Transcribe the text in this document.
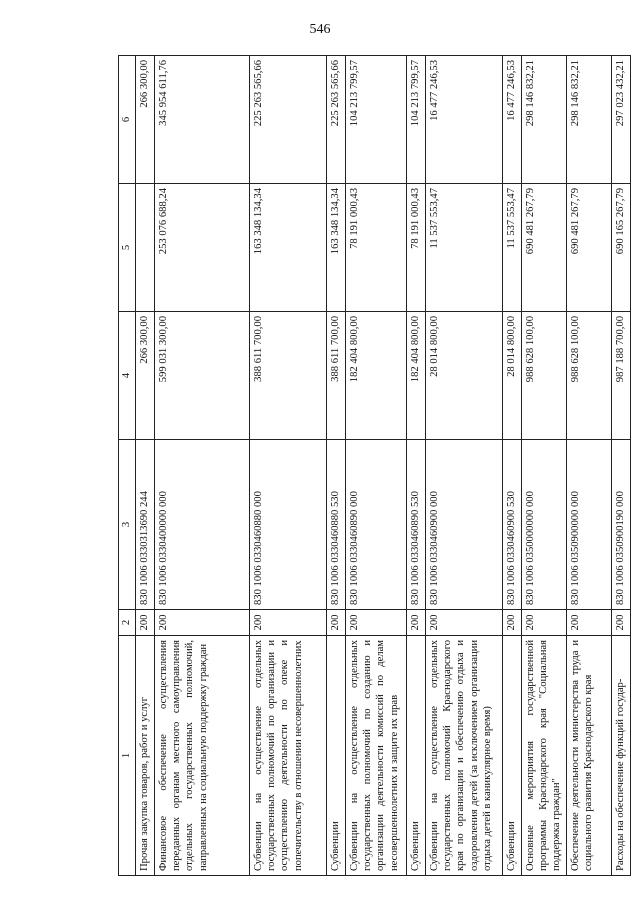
546
1	2	3	4	5	6
Прочая закупка товаров, работ и услуг	200	830 1006 0330313690 244	266 300,00		266 300,00
Финансовое обеспечение осуществления переданных органам местного самоуправления отдельных государственных полномочий, направленных на социальную поддержку граждан	200	830 1006 0330400000 000	599 031 300,00	253 076 688,24	345 954 611,76
Субвенции на осуществление отдельных государственных полномочий по организации и осуществлению деятельности по опеке и попечительству в отношении несовершеннолетних	200	830 1006 0330460880 000	388 611 700,00	163 348 134,34	225 263 565,66
Субвенции	200	830 1006 0330460880 530	388 611 700,00	163 348 134,34	225 263 565,66
Субвенции на осуществление отдельных государственных полномочий по созданию и организации деятельности комиссий по делам несовершеннолетних и защите их прав	200	830 1006 0330460890 000	182 404 800,00	78 191 000,43	104 213 799,57
Субвенции	200	830 1006 0330460890 530	182 404 800,00	78 191 000,43	104 213 799,57
Субвенции на осуществление отдельных государственных полномочий Краснодарского края по организации и обеспечению отдыха и оздоровления детей (за исключением организации отдыха детей в каникулярное время)	200	830 1006 0330460900 000	28 014 800,00	11 537 553,47	16 477 246,53
Субвенции	200	830 1006 0330460900 530	28 014 800,00	11 537 553,47	16 477 246,53
Основные мероприятия государственной программы Краснодарского края "Социальная поддержка граждан"	200	830 1006 0350000000 000	988 628 100,00	690 481 267,79	298 146 832,21
Обеспечение деятельности министерства труда и социального развития Краснодарского края	200	830 1006 0350900000 000	988 628 100,00	690 481 267,79	298 146 832,21
Расходы на обеспечение функций государ-	200	830 1006 0350900190 000	987 188 700,00	690 165 267,79	297 023 432,21
